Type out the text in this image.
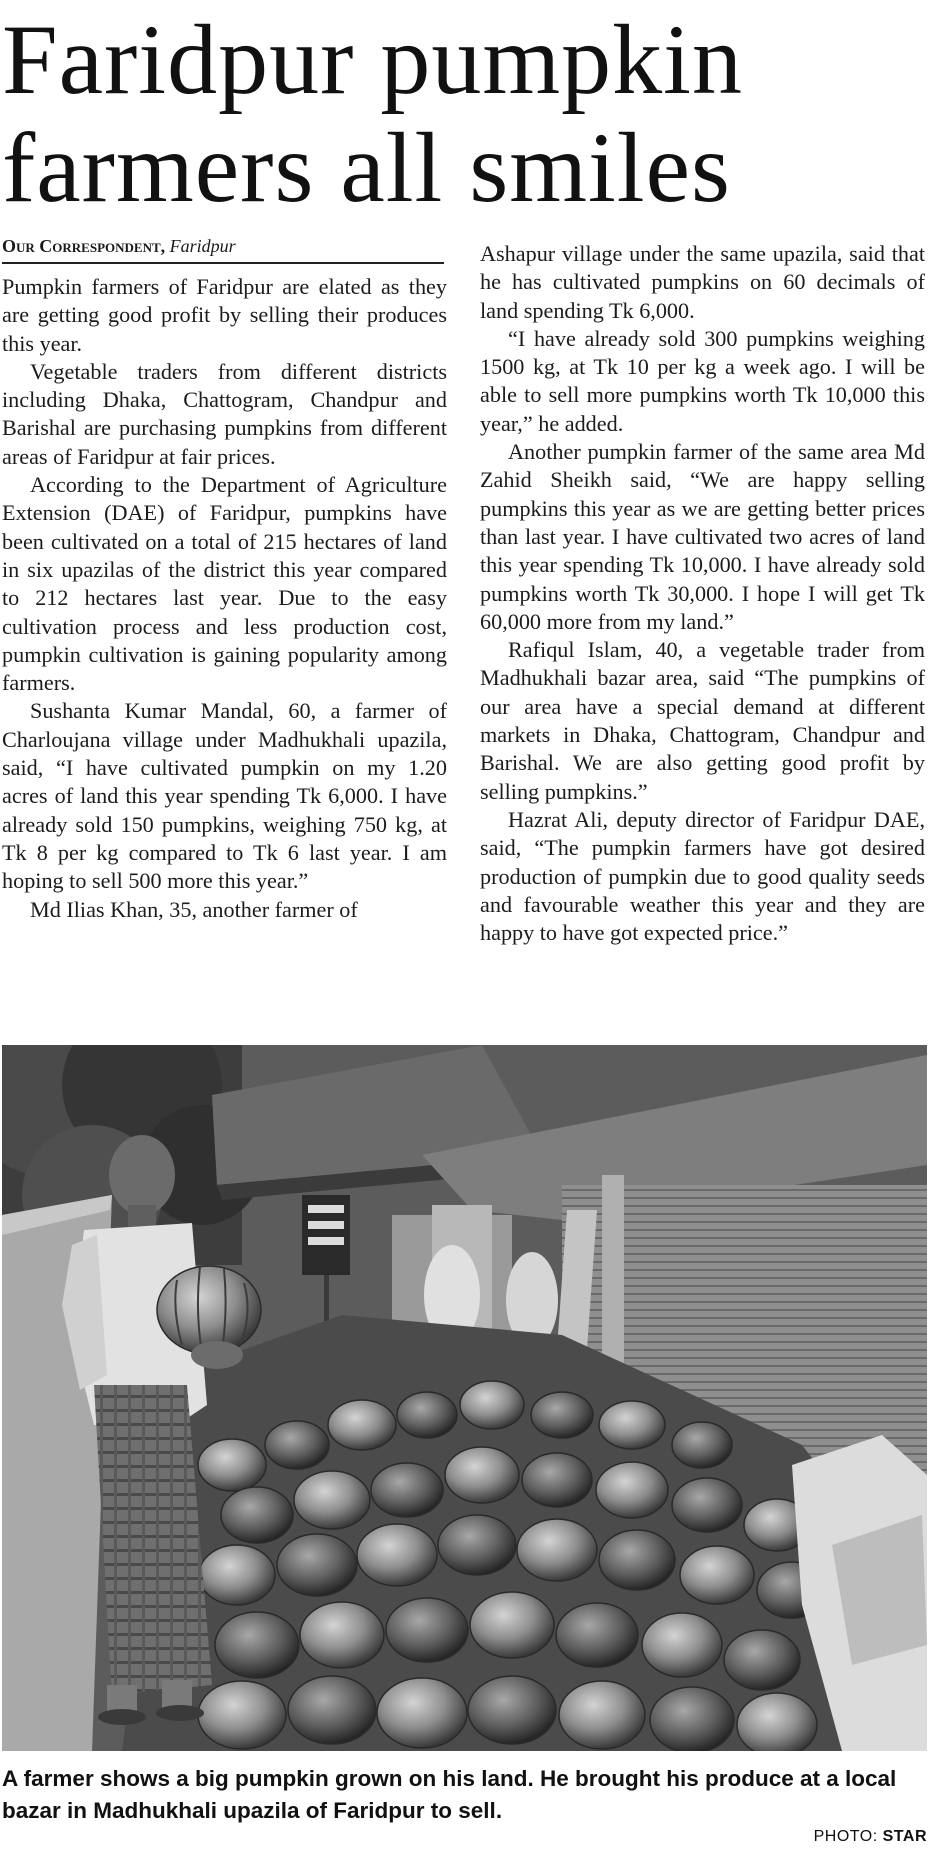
Faridpur pumpkin farmers all smiles
Our Correspondent, Faridpur

Pumpkin farmers of Faridpur are elated as they are getting good profit by selling their produces this year.

Vegetable traders from different districts including Dhaka, Chattogram, Chandpur and Barishal are purchasing pumpkins from different areas of Faridpur at fair prices.

According to the Department of Agriculture Extension (DAE) of Faridpur, pumpkins have been cultivated on a total of 215 hectares of land in six upazilas of the district this year compared to 212 hectares last year. Due to the easy cultivation process and less production cost, pumpkin cultivation is gaining popularity among farmers.

Sushanta Kumar Mandal, 60, a farmer of Charloujana village under Madhukhali upazila, said, “I have cultivated pumpkin on my 1.20 acres of land this year spending Tk 6,000. I have already sold 150 pumpkins, weighing 750 kg, at Tk 8 per kg compared to Tk 6 last year. I am hoping to sell 500 more this year.”

Md Ilias Khan, 35, another farmer of

Ashapur village under the same upazila, said that he has cultivated pumpkins on 60 decimals of land spending Tk 6,000.

“I have already sold 300 pumpkins weighing 1500 kg, at Tk 10 per kg a week ago. I will be able to sell more pumpkins worth Tk 10,000 this year,” he added.

Another pumpkin farmer of the same area Md Zahid Sheikh said, “We are happy selling pumpkins this year as we are getting better prices than last year. I have cultivated two acres of land this year spending Tk 10,000. I have already sold pumpkins worth Tk 30,000. I hope I will get Tk 60,000 more from my land.”

Rafiqul Islam, 40, a vegetable trader from Madhukhali bazar area, said “The pumpkins of our area have a special demand at different markets in Dhaka, Chattogram, Chandpur and Barishal. We are also getting good profit by selling pumpkins.”

Hazrat Ali, deputy director of Faridpur DAE, said, “The pumpkin farmers have got desired production of pumpkin due to good quality seeds and favourable weather this year and they are happy to have got expected price.”

A farmer shows a big pumpkin grown on his land. He brought his produce at a local bazar in Madhukhali upazila of Faridpur to sell.
PHOTO: STAR
